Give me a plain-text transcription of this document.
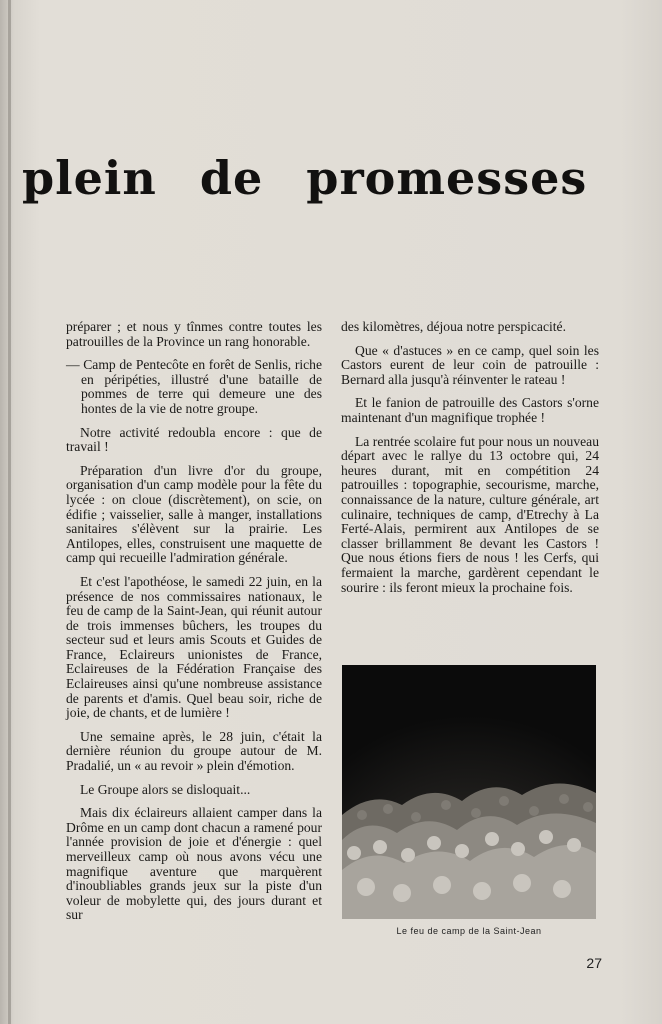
plein de promesses

préparer ; et nous y tînmes contre toutes les patrouilles de la Province un rang honorable.

— Camp de Pentecôte en forêt de Senlis, riche en péripéties, illustré d'une bataille de pommes de terre qui demeure une des hontes de la vie de notre groupe.

Notre activité redoubla encore : que de travail !

Préparation d'un livre d'or du groupe, organisation d'un camp modèle pour la fête du lycée : on cloue (discrètement), on scie, on édifie ; vaisselier, salle à manger, installations sanitaires s'élèvent sur la prairie. Les Antilopes, elles, construisent une maquette de camp qui recueille l'admiration générale.

Et c'est l'apothéose, le samedi 22 juin, en la présence de nos commissaires nationaux, le feu de camp de la Saint-Jean, qui réunit autour de trois immenses bûchers, les troupes du secteur sud et leurs amis Scouts et Guides de France, Eclaireurs unionistes de France, Eclaireuses de la Fédération Française des Eclaireuses ainsi qu'une nombreuse assistance de parents et d'amis. Quel beau soir, riche de joie, de chants, et de lumière !

Une semaine après, le 28 juin, c'était la dernière réunion du groupe autour de M. Pradalié, un « au revoir » plein d'émotion.

Le Groupe alors se disloquait...

Mais dix éclaireurs allaient camper dans la Drôme en un camp dont chacun a ramené pour l'année provision de joie et d'énergie : quel merveilleux camp où nous avons vécu une magnifique aventure que marquèrent d'inoubliables grands jeux sur la piste d'un voleur de mobylette qui, des jours durant et sur

des kilomètres, déjoua notre perspicacité.

Que « d'astuces » en ce camp, quel soin les Castors eurent de leur coin de patrouille : Bernard alla jusqu'à réinventer le rateau !

Et le fanion de patrouille des Castors s'orne maintenant d'un magnifique trophée !

La rentrée scolaire fut pour nous un nouveau départ avec le rallye du 13 octobre qui, 24 heures durant, mit en compétition 24 patrouilles : topographie, secourisme, marche, connaissance de la nature, culture générale, art culinaire, techniques de camp, d'Etrechy à La Ferté-Alais, permirent aux Antilopes de se classer brillamment 8e devant les Castors ! Que nous étions fiers de nous ! les Cerfs, qui fermaient la marche, gardèrent cependant le sourire : ils feront mieux la prochaine fois.

Le feu de camp de la Saint-Jean
27
